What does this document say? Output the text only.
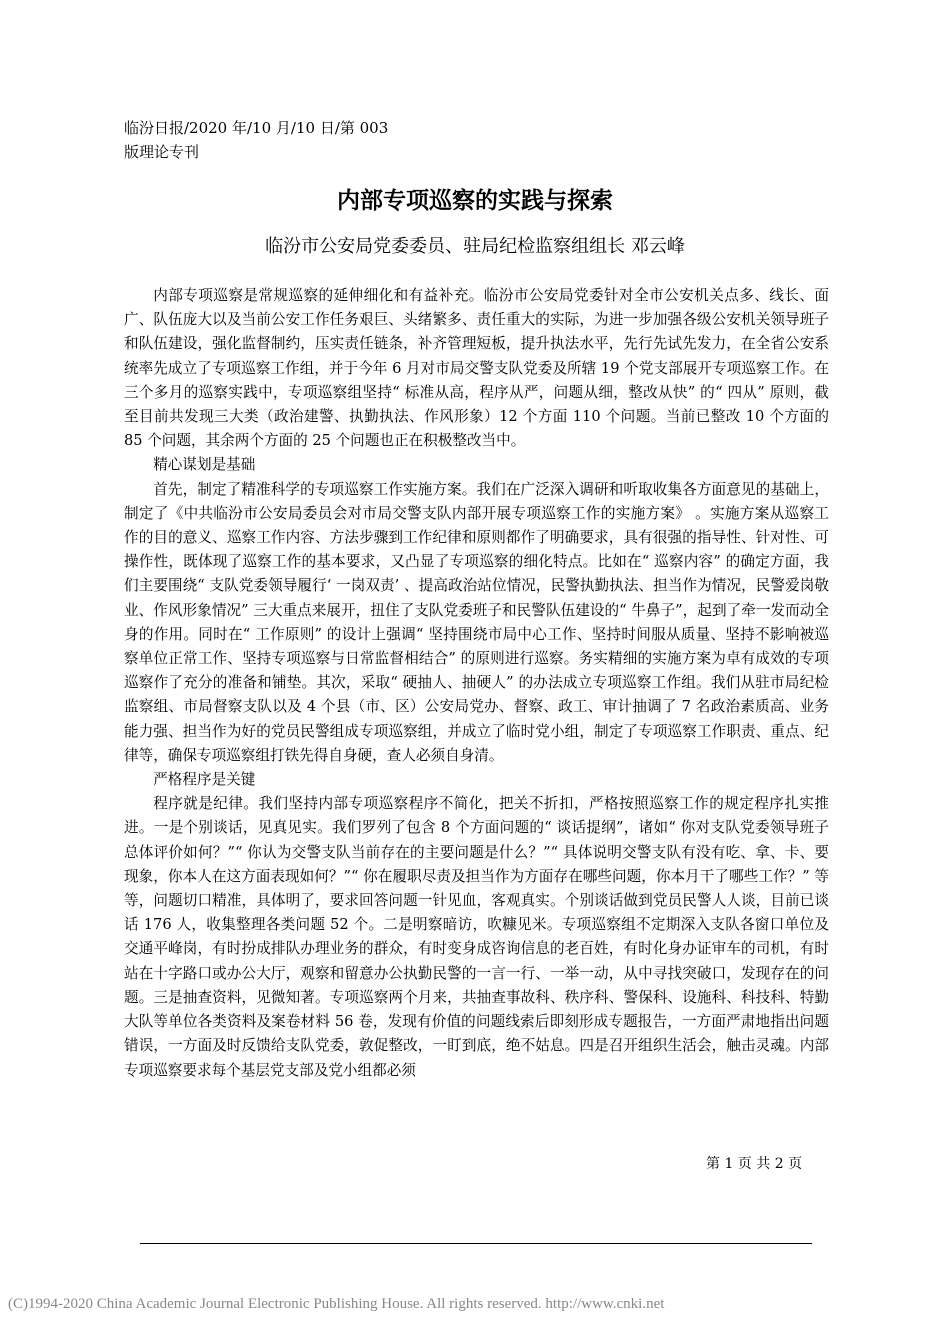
临汾日报/2020 年/10 月/10 日/第 003
版理论专刊
内部专项巡察的实践与探索
临汾市公安局党委委员、驻局纪检监察组组长 邓云峰

内部专项巡察是常规巡察的延伸细化和有益补充。临汾市公安局党委针对全市公安机关点多、线长、面广、队伍庞大以及当前公安工作任务艰巨、头绪繁多、责任重大的实际，为进一步加强各级公安机关领导班子和队伍建设，强化监督制约，压实责任链条，补齐管理短板，提升执法水平，先行先试先发力，在全省公安系统率先成立了专项巡察工作组，并于今年 6 月对市局交警支队党委及所辖 19 个党支部展开专项巡察工作。在三个多月的巡察实践中，专项巡察组坚持“ 标准从高，程序从严，问题从细，整改从快” 的“ 四从” 原则，截至目前共发现三大类（政治建警、执勤执法、作风形象）12 个方面 110 个问题。当前已整改 10 个方面的 85 个问题，其余两个方面的 25 个问题也正在积极整改当中。

精心谋划是基础

首先，制定了精准科学的专项巡察工作实施方案。我们在广泛深入调研和听取收集各方面意见的基础上，制定了《中共临汾市公安局委员会对市局交警支队内部开展专项巡察工作的实施方案》 。实施方案从巡察工作的目的意义、巡察工作内容、方法步骤到工作纪律和原则都作了明确要求，具有很强的指导性、针对性、可操作性，既体现了巡察工作的基本要求，又凸显了专项巡察的细化特点。比如在“ 巡察内容” 的确定方面，我们主要围绕“ 支队党委领导履行‘ 一岗双责’ 、提高政治站位情况，民警执勤执法、担当作为情况，民警爱岗敬业、作风形象情况” 三大重点来展开，扭住了支队党委班子和民警队伍建设的“ 牛鼻子”，起到了牵一发而动全身的作用。同时在“ 工作原则” 的设计上强调“ 坚持围绕市局中心工作、坚持时间服从质量、坚持不影响被巡察单位正常工作、坚持专项巡察与日常监督相结合” 的原则进行巡察。务实精细的实施方案为卓有成效的专项巡察作了充分的准备和铺垫。其次，采取“ 硬抽人、抽硬人” 的办法成立专项巡察工作组。我们从驻市局纪检监察组、市局督察支队以及 4 个县（市、区）公安局党办、督察、政工、审计抽调了 7 名政治素质高、业务能力强、担当作为好的党员民警组成专项巡察组，并成立了临时党小组，制定了专项巡察工作职责、重点、纪律等，确保专项巡察组打铁先得自身硬，查人必须自身清。

严格程序是关键

程序就是纪律。我们坚持内部专项巡察程序不简化，把关不折扣，严格按照巡察工作的规定程序扎实推进。一是个别谈话，见真见实。我们罗列了包含 8 个方面问题的“ 谈话提纲”，诸如“ 你对支队党委领导班子总体评价如何？”“ 你认为交警支队当前存在的主要问题是什么？”“ 具体说明交警支队有没有吃、拿、卡、要现象，你本人在这方面表现如何？”“ 你在履职尽责及担当作为方面存在哪些问题，你本月干了哪些工作？” 等等，问题切口精准，具体明了，要求回答问题一针见血，客观真实。个别谈话做到党员民警人人谈，目前已谈话 176 人，收集整理各类问题 52 个。二是明察暗访，吹糠见米。专项巡察组不定期深入支队各窗口单位及交通平峰岗，有时扮成排队办理业务的群众，有时变身成咨询信息的老百姓，有时化身办证审车的司机，有时站在十字路口或办公大厅，观察和留意办公执勤民警的一言一行、一举一动，从中寻找突破口，发现存在的问题。三是抽查资料，见微知著。专项巡察两个月来，共抽查事故科、秩序科、警保科、设施科、科技科、特勤大队等单位各类资料及案卷材料 56 卷，发现有价值的问题线索后即刻形成专题报告，一方面严肃地指出问题错误，一方面及时反馈给支队党委，敦促整改，一盯到底，绝不姑息。四是召开组织生活会，触击灵魂。内部专项巡察要求每个基层党支部及党小组都必须

第 1 页 共 2 页
(C)1994-2020 China Academic Journal Electronic Publishing House. All rights reserved. http://www.cnki.net
